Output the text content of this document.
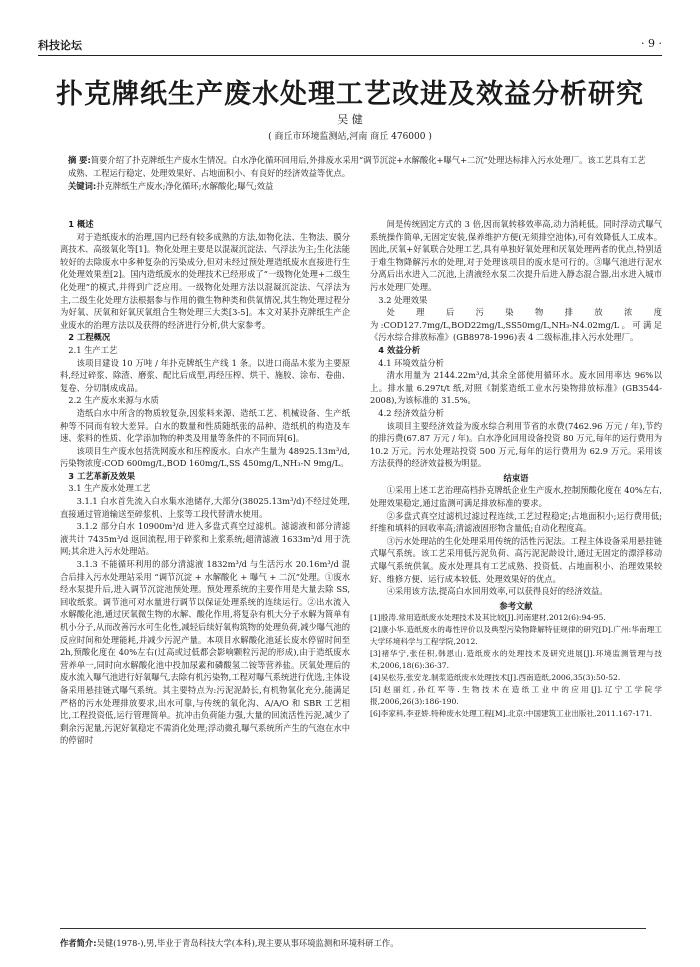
科技论坛	· 9 ·
扑克牌纸生产废水处理工艺改进及效益分析研究
吴 健
( 商丘市环境监测站,河南 商丘 476000 )

摘 要:简要介绍了扑克牌纸生产废水生情况。白水净化循环回用后,外排废水采用“调节沉淀+水解酸化+曝气+二沉”处理达标排入污水处理厂。该工艺具有工艺成熟、工程运行稳定、处理效果好、占地面积小、有良好的经济效益等优点。

关键词:扑克牌纸生产废水;净化循环;水解酸化;曝气;效益

1 概述

对于造纸废水的治理,国内已经有较多成熟的方法,如物化法、生物法、膜分离技术、高级氧化等[1]。物化处理主要是以混凝沉淀法、气浮法为主;生化法能较好的去除废水中多种复杂的污染成分,但对未经过预处理造纸废水直接进行生化处理效果差[2]。国内造纸废水的处理技术已经形成了“一级物化处理+二级生化处理”的模式,并得到广泛应用。一级物化处理方法以混凝沉淀法、气浮法为主,二级生化处理方法根据参与作用的微生物种类和供氧情况,其生物处理过程分为好氧、厌氧和好氧厌氧组合生物处理三大类[3-5]。本文对某扑克牌纸生产企业废水的治理方法以及获得的经济进行分析,供大家参考。

2 工程概况

2.1 生产工艺

该项目建设 10 万吨 / 年扑克牌纸生产线 1 条。以进口商品木浆为主要原料,经过碎浆、除渣、磨浆、配比后成型,再经压榨、烘干、施胶、涂布、卷曲、复卷、分切制成成品。

2.2 生产废水来源与水质

造纸白水中所含的物质较复杂,因浆料来源、造纸工艺、机械设备、生产纸种等不同而有较大差异。白水的数量和性质随纸张的品种、造纸机的构造及车速、浆料的性质、化学添加物的种类及用量等条件的不同而异[6]。

该项目生产废水包括洗网废水和压榨废水。白水产生量为 48925.13m³/d, 污染物浓度:COD 600mg/L,BOD 160mg/L,SS 450mg/L,NH₃-N 9mg/L。

3 工艺革新及效果

3.1 生产废水处理工艺

3.1.1 白水首先流入白水集水池储存,大部分(38025.13m³/d)不经过处理,直接通过管道输送至碎浆机、上浆等工段代替清水使用。

3.1.2 部分白水 10900m³/d 进入多盘式真空过滤机。滤滤液和部分清滤液共计 7435m³/d 返回流程,用于碎浆和上浆系统;超清滤液 1633m³/d 用于洗网;其余进入污水处理站。

3.1.3 不能循环利用的部分清滤液 1832m³/d 与生活污水 20.16m³/d 混合后排入污水处理站采用 “调节沉淀 + 水解酸化 + 曝气 + 二沉”处理。①废水经水泵提升后,进入调节沉淀池预处理。预处理系统的主要作用是大量去除 SS,回收纸浆。调节池可对水量进行调节以保证处理系统的连续运行。②出水流入水解酸化池,通过厌氧微生物的水解、酸化作用,将复杂有机大分子水解为简单有机小分子,从而改善污水可生化性,减轻后续好氧构筑物的处理负荷,减少曝气池的反应时间和处理能耗,并减少污泥产量。本项目水解酸化池延长废水停留时间至 2h,预酸化度在 40%左右(过高或过低都会影响颗粒污泥的形成),由于造纸废水营养单一,同时向水解酸化池中投加尿素和磷酸氢二铵等营养盐。厌氧处理后的废水流入曝气池进行好氧曝气,去除有机污染物,工程对曝气系统进行优选,主体设备采用悬挂链式曝气系统。其主要特点为:污泥泥龄长,有机物氧化充分,能满足严格的污水处理排放要求,出水可靠,与传统的氧化沟、A/A/O 和 SBR 工艺相比,工程投资低,运行管理简单。抗冲击负荷能力强,大量的回流活性污泥,减少了剩余污泥量,污泥好氧稳定不需消化处理;浮动微孔曝气系统所产生的气泡在水中的停留时

间是传统固定方式的 3 倍,因而氧转移效率高,动力消耗低。同时浮动式曝气系统操作简单,无固定安装,保养维护方便(无须排空池体),可有效降低人工成本。因此,厌氧+好氧联合处理工艺,具有单独好氧处理和厌氧处理两者的优点,特别适于难生物降解污水的处理,对于处理该项目的废水是可行的。③曝气池进行泥水分离后出水进入二沉池,上清液经水泵二次提升后进入静态混合器,出水进入城市污水处理厂处理。

3.2 处理效果

处理后污染物排放浓度为:COD127.7mg/L,BOD22mg/L,SS50mg/L,NH₃-N4.02mg/L。可满足《污水综合排放标准》(GB8978-1996)表 4 二级标准,排入污水处理厂。

4 效益分析

4.1 环境效益分析

清水用量为 2144.22m³/d,其余全部使用循环水。废水回用率达 96%以上。排水量 6.297t/t 纸,对照《制浆造纸工业水污染物排放标准》(GB3544-2008),为该标准的 31.5%。

4.2 经济效益分析

该项目主要经济效益为废水综合利用节省的水费(7462.96 万元 / 年),节约的排污费(67.87 万元 / 年)。白水净化回用设备投资 80 万元,每年的运行费用为 10.2 万元。污水处理站投资 500 万元,每年的运行费用为 62.9 万元。采用该方法获得的经济效益极为明显。

结束语

①采用上述工艺治理高档扑克牌纸企业生产废水,控制预酸化度在 40%左右,处理效果稳定,通过监测可满足排放标准的要求。

②多盘式真空过滤机过滤过程连续,工艺过程稳定;占地面积小;运行费用低;纤维和填料的回收率高;清滤液固形物含量低;自动化程度高。

③污水处理站的生化处理采用传统的活性污泥法。工程主体设备采用悬挂链式曝气系统。该工艺采用低污泥负荷、高污泥泥龄设计,通过无固定的漂浮移动式曝气系统供氧。废水处理具有工艺成熟、投资低、占地面积小、治理效果较好、维修方便、运行成本较低、处理效果好的优点。

④采用该方法,提高白水回用效率,可以获得良好的经济效益。

参考文献

[1]殷涛.常用造纸废水处理技术及其比较[J].河南建材,2012(6):94-95.

[2]康小华.造纸废水的毒性评价以及典型污染物降解特征规律的研究[D].广州:华南理工大学环境科学与工程学院,2012.

[3]褚华宁,张任积,韩恩山.造纸废水的处理技术及研究进展[J].环境监测管理与技术,2006,18(6):36-37.

[4]吴松芬,张安龙.制浆造纸废水处理技术[J].西南造纸,2006,35(3):50-52.

[5]赵丽红,孙红军等.生物技术在造纸工业中的应用[J].辽宁工学院学报,2006,26(3):186-190.

[6]李家科,李亚娇.特种废水处理工程[M].北京:中国建筑工业出版社,2011.167-171.

作者简介:吴健(1978-),男,毕业于青岛科技大学(本科),现主要从事环境监测和环境科研工作。
